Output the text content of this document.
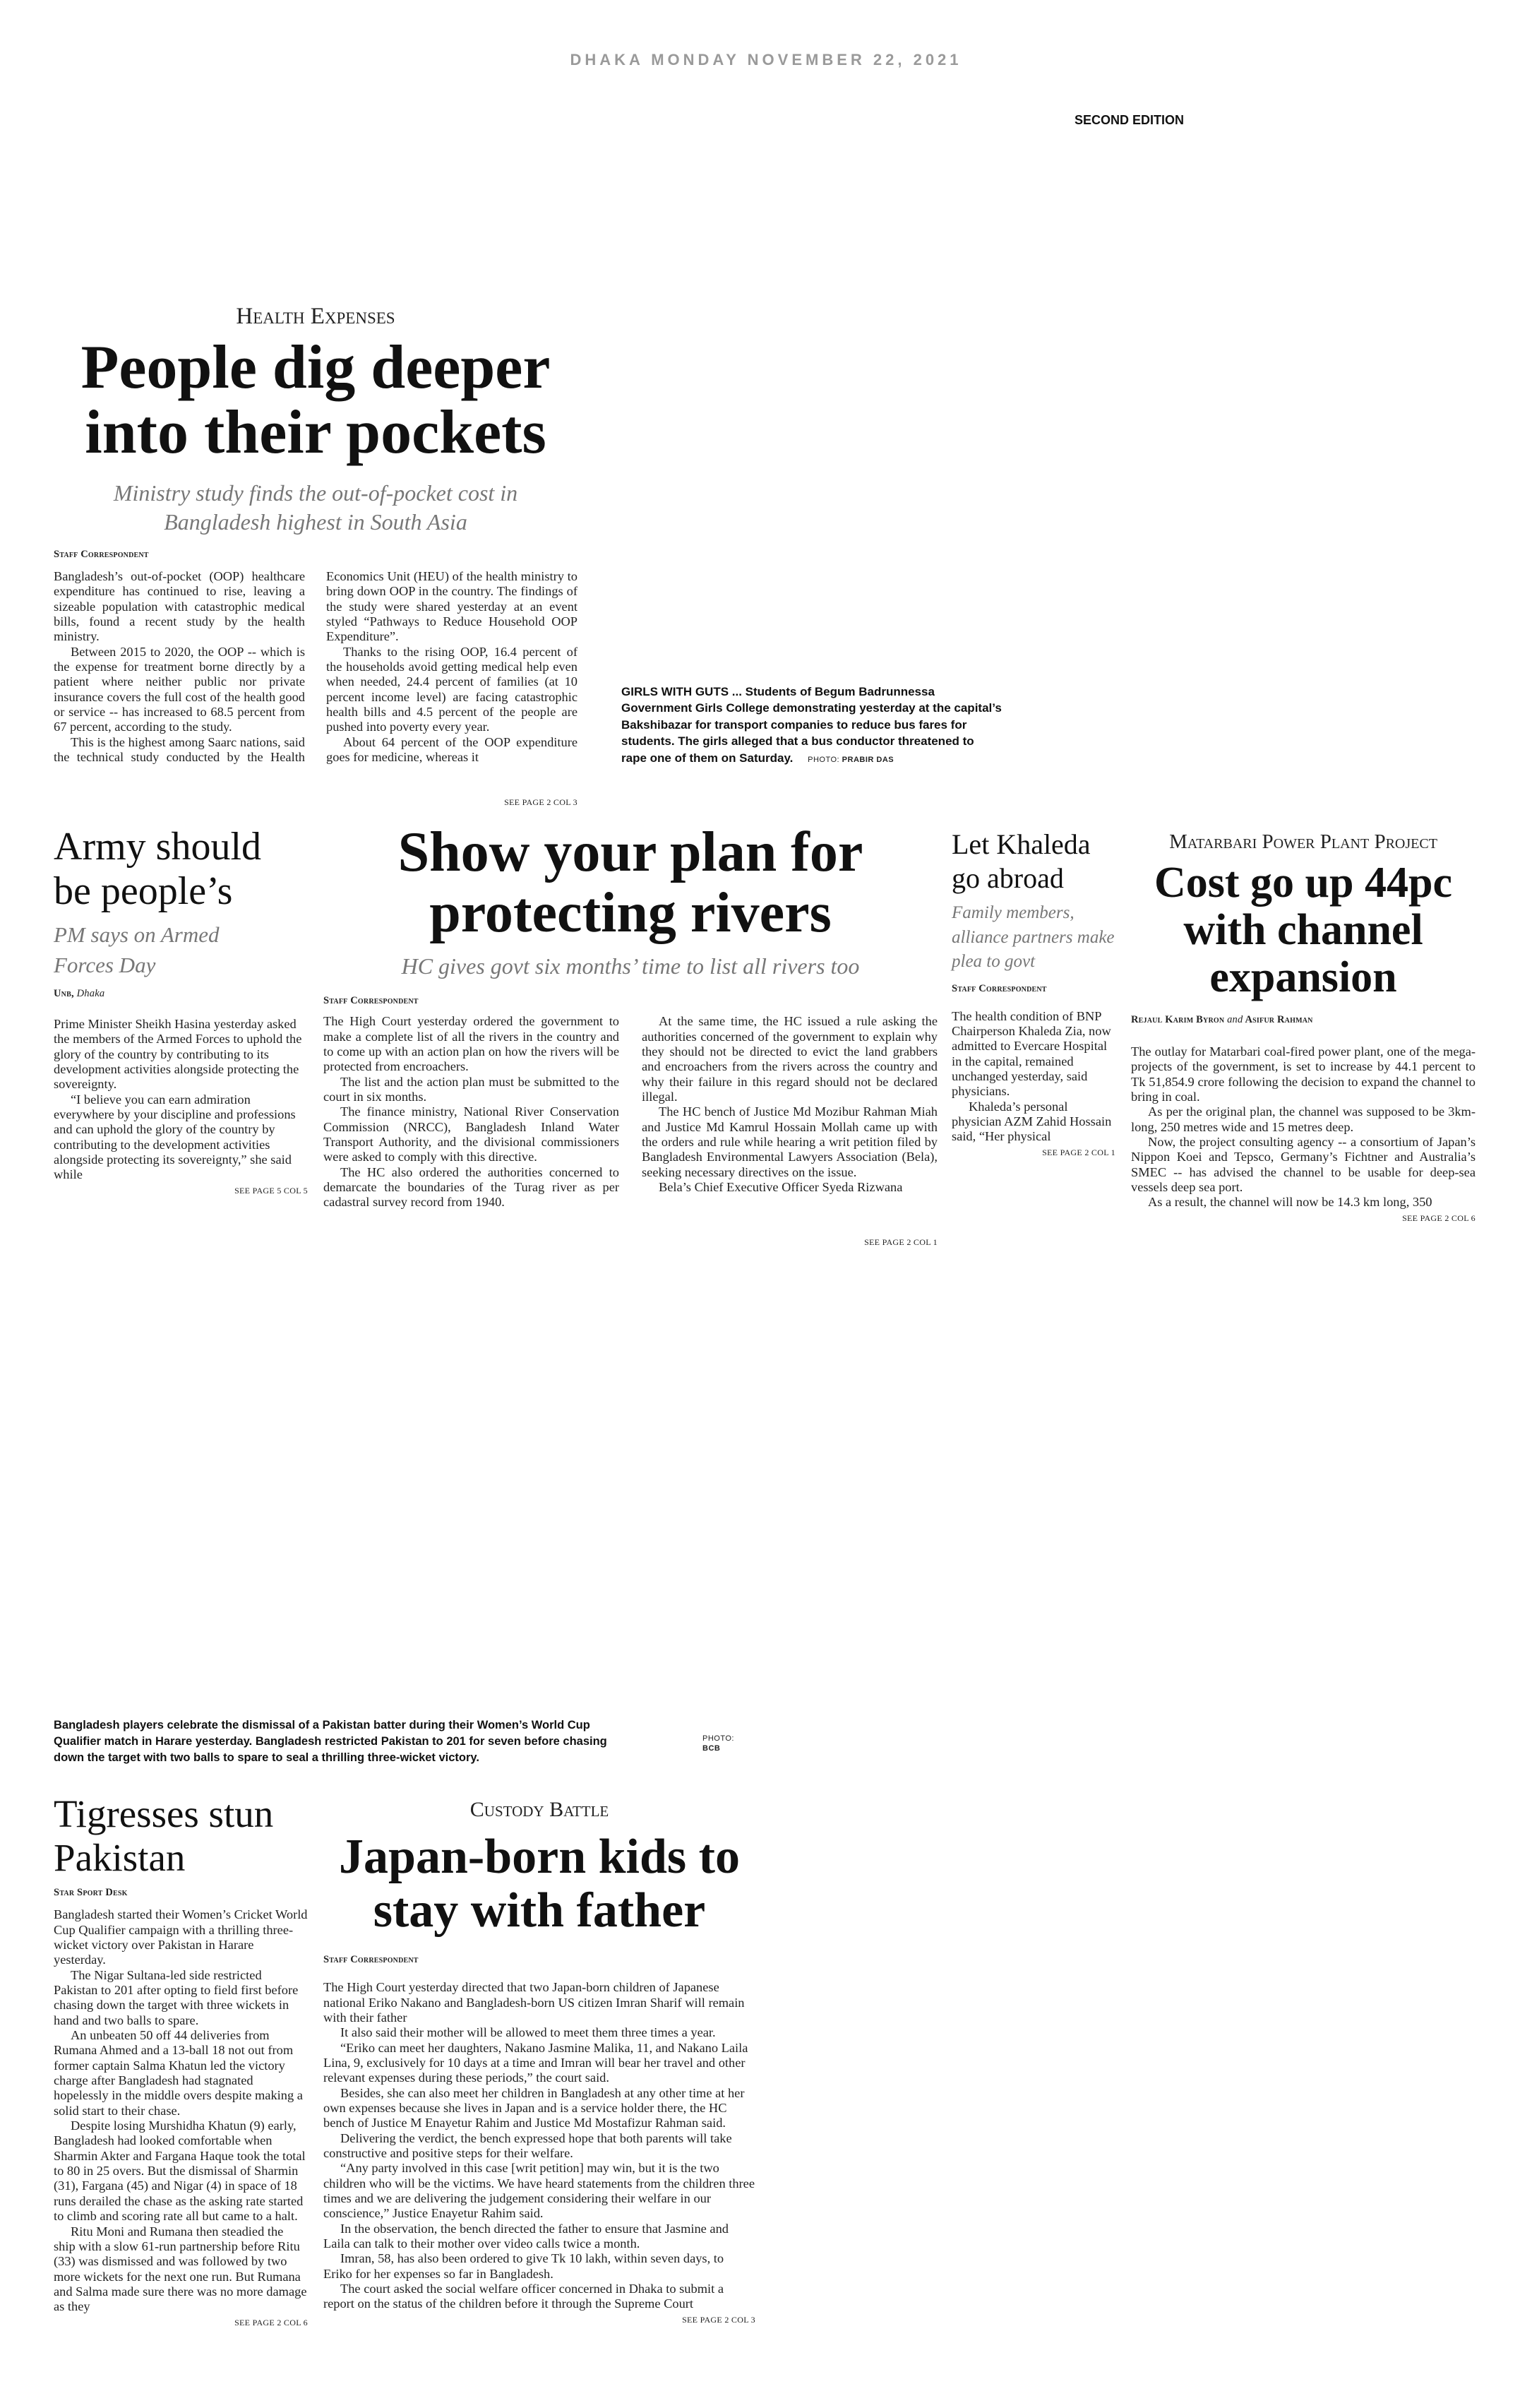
DHAKA MONDAY NOVEMBER 22, 2021
SECOND EDITION
Health Expenses
People dig deeper into their pockets
Ministry study finds the out-of-pocket cost in Bangladesh highest in South Asia
Staff Correspondent

Bangladesh’s out-of-pocket (OOP) healthcare expenditure has continued to rise, leaving a sizeable population with catastrophic medical bills, found a recent study by the health ministry.

Between 2015 to 2020, the OOP -- which is the expense for treatment borne directly by a patient where neither public nor private insurance covers the full cost of the health good or service -- has increased to 68.5 percent from 67 percent, according to the study.

This is the highest among Saarc nations, said the technical study conducted by the Health Economics Unit (HEU) of the health ministry to bring down OOP in the country. The findings of the study were shared yesterday at an event styled “Pathways to Reduce Household OOP Expenditure”.

Thanks to the rising OOP, 16.4 percent of the households avoid getting medical help even when needed, 24.4 percent of families (at 10 percent income level) are facing catastrophic health bills and 4.5 percent of the people are pushed into poverty every year.

About 64 percent of the OOP expenditure goes for medicine, whereas it

SEE PAGE 2 COL 3
GIRLS WITH GUTS ... Students of Begum Badrunnessa Government Girls College demonstrating yesterday at the capital’s Bakshibazar for transport companies to reduce bus fares for students. The girls alleged that a bus conductor threatened to rape one of them on Saturday. PHOTO: PRABIR DAS
Army should be people’s
PM says on Armed Forces Day
Unb, Dhaka

Prime Minister Sheikh Hasina yesterday asked the members of the Armed Forces to uphold the glory of the country by contributing to its development activities alongside protecting the sovereignty.

“I believe you can earn admiration everywhere by your discipline and professions and can uphold the glory of the country by contributing to the development activities alongside protecting its sovereignty,” she said while

SEE PAGE 5 COL 5
Show your plan for protecting rivers
HC gives govt six months’ time to list all rivers too
Staff Correspondent

The High Court yesterday ordered the government to make a complete list of all the rivers in the country and to come up with an action plan on how the rivers will be protected from encroachers.

The list and the action plan must be submitted to the court in six months.

The finance ministry, National River Conservation Commission (NRCC), Bangladesh Inland Water Transport Authority, and the divisional commissioners were asked to comply with this directive.

The HC also ordered the authorities concerned to demarcate the boundaries of the Turag river as per cadastral survey record from 1940.

At the same time, the HC issued a rule asking the authorities concerned of the government to explain why they should not be directed to evict the land grabbers and encroachers from the rivers across the country and why their failure in this regard should not be declared illegal.

The HC bench of Justice Md Mozibur Rahman Miah and Justice Md Kamrul Hossain Mollah came up with the orders and rule while hearing a writ petition filed by Bangladesh Environmental Lawyers Association (Bela), seeking necessary directives on the issue.

Bela’s Chief Executive Officer Syeda Rizwana

SEE PAGE 2 COL 1
Let Khaleda go abroad
Family members, alliance partners make plea to govt
Staff Correspondent

The health condition of BNP Chairperson Khaleda Zia, now admitted to Evercare Hospital in the capital, remained unchanged yesterday, said physicians.

Khaleda’s personal physician AZM Zahid Hossain said, “Her physical

SEE PAGE 2 COL 1
Matarbari Power Plant Project
Cost go up 44pc with channel expansion
Rejaul Karim Byron and Asifur Rahman

The outlay for Matarbari coal-fired power plant, one of the mega-projects of the government, is set to increase by 44.1 percent to Tk 51,854.9 crore following the decision to expand the channel to bring in coal.

As per the original plan, the channel was supposed to be 3km-long, 250 metres wide and 15 metres deep.

Now, the project consulting agency -- a consortium of Japan’s Nippon Koei and Tepsco, Germany’s Fichtner and Australia’s SMEC -- has advised the channel to be usable for deep-sea vessels deep sea port.

As a result, the channel will now be 14.3 km long, 350

SEE PAGE 2 COL 6
Bangladesh players celebrate the dismissal of a Pakistan batter during their Women’s World Cup Qualifier match in Harare yesterday. Bangladesh restricted Pakistan to 201 for seven before chasing down the target with two balls to spare to seal a thrilling three-wicket victory.
PHOTO:
BCB
Tigresses stun Pakistan
Star Sport Desk

Bangladesh started their Women’s Cricket World Cup Qualifier campaign with a thrilling three-wicket victory over Pakistan in Harare yesterday.

The Nigar Sultana-led side restricted Pakistan to 201 after opting to field first before chasing down the target with three wickets in hand and two balls to spare.

An unbeaten 50 off 44 deliveries from Rumana Ahmed and a 13-ball 18 not out from former captain Salma Khatun led the victory charge after Bangladesh had stagnated hopelessly in the middle overs despite making a solid start to their chase.

Despite losing Murshidha Khatun (9) early, Bangladesh had looked comfortable when Sharmin Akter and Fargana Haque took the total to 80 in 25 overs. But the dismissal of Sharmin (31), Fargana (45) and Nigar (4) in space of 18 runs derailed the chase as the asking rate started to climb and scoring rate all but came to a halt.

Ritu Moni and Rumana then steadied the ship with a slow 61-run partnership before Ritu (33) was dismissed and was followed by two more wickets for the next one run. But Rumana and Salma made sure there was no more damage as they

SEE PAGE 2 COL 6
Custody Battle
Japan-born kids to stay with father
Staff Correspondent

The High Court yesterday directed that two Japan-born children of Japanese national Eriko Nakano and Bangladesh-born US citizen Imran Sharif will remain with their father

It also said their mother will be allowed to meet them three times a year.

“Eriko can meet her daughters, Nakano Jasmine Malika, 11, and Nakano Laila Lina, 9, exclusively for 10 days at a time and Imran will bear her travel and other relevant expenses during these periods,” the court said.

Besides, she can also meet her children in Bangladesh at any other time at her own expenses because she lives in Japan and is a service holder there, the HC bench of Justice M Enayetur Rahim and Justice Md Mostafizur Rahman said.

Delivering the verdict, the bench expressed hope that both parents will take constructive and positive steps for their welfare.

“Any party involved in this case [writ petition] may win, but it is the two children who will be the victims. We have heard statements from the children three times and we are delivering the judgement considering their welfare in our conscience,” Justice Enayetur Rahim said.

In the observation, the bench directed the father to ensure that Jasmine and Laila can talk to their mother over video calls twice a month.

Imran, 58, has also been ordered to give Tk 10 lakh, within seven days, to Eriko for her expenses so far in Bangladesh.

The court asked the social welfare officer concerned in Dhaka to submit a report on the status of the children before it through the Supreme Court

SEE PAGE 2 COL 3
